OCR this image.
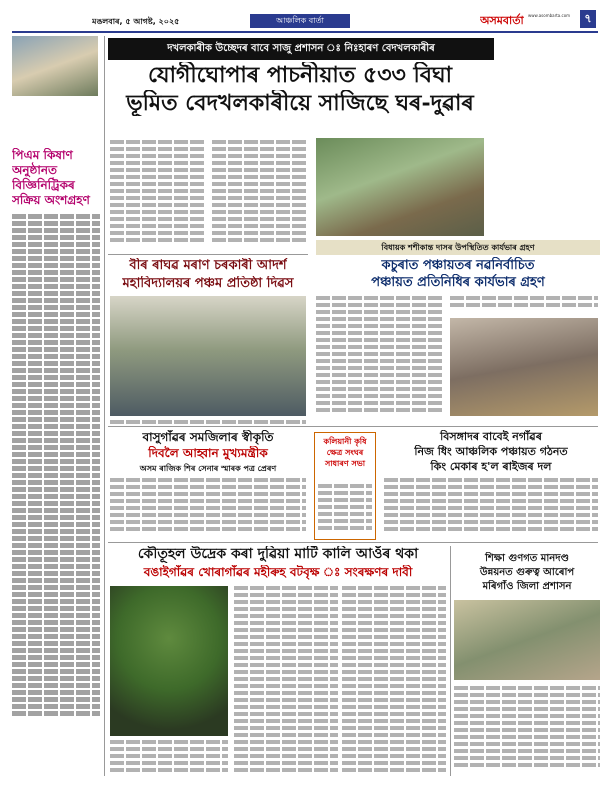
মঙলবাৰ, ৫ আগষ্ট, ২০২৫	আঞ্চলিক বাৰ্তা	অসমবাৰ্তা www.asombarta.com	৭
দখলকাৰীক উচ্ছেদৰ বাবে সাজু প্ৰশাসন ঃ নিঃহাৰণ বেদখলকাৰীৰ
যোগীঘোপাৰ পাচনীয়াত ৫৩৩ বিঘা
ভূমিত বেদখলকাৰীয়ে সাজিছে ঘৰ-দুৱাৰ
পিএম কিষাণ অনুষ্ঠানত বিজ্ঞিনিট্ৰিকৰ সক্ৰিয় অংশগ্ৰহণ
বীৰ ৰাঘৱ মৰাণ চৰকাৰী আদৰ্শ
মহাবিদ্যালয়ৰ পঞ্চম প্ৰতিষ্ঠা দিৱস
বিধায়ক শশীকান্ত দাসৰ উপস্থিতিত কাৰ্যভাৰ গ্ৰহণ
কচুৰাত পঞ্চায়তৰ নৱনিৰ্বাচিত
পঞ্চায়ত প্ৰতিনিধিৰ কাৰ্যভাৰ গ্ৰহণ
বাসুগাঁৱৰ সমজিলাৰ স্বীকৃতি
দিবলৈ আহ্বান মুখ্যমন্ত্ৰীক
অসম ৰাজিক শিৰ সেনাৰ স্মাৰক পত্ৰ প্ৰেৰণ
কলিয়ানী কৃষি ক্ষেত্ৰ সংঘৰ সাধাৰণ সভা
বিসঙ্গাদৰ বাবেই নগাঁৱৰ
নিজ ধিং আঞ্চলিক পঞ্চায়ত গঠনত
কিং মেকাৰ হ'ল ৰাইজৰ দল
কৌতূহল উদ্ৰেক কৰা দুৱিয়া মাটি কালি আওঁৰ থকা
বঙাইগাঁৱৰ খোৰাগাঁৱৰ মহীৰুহ বটবৃক্ষ ঃ সংৰক্ষণৰ দাবী
শিক্ষা গুণগত মানদণ্ড
উন্নয়নত গুৰুত্ব আৰোপ
মৰিগাঁও জিলা প্ৰশাসন
